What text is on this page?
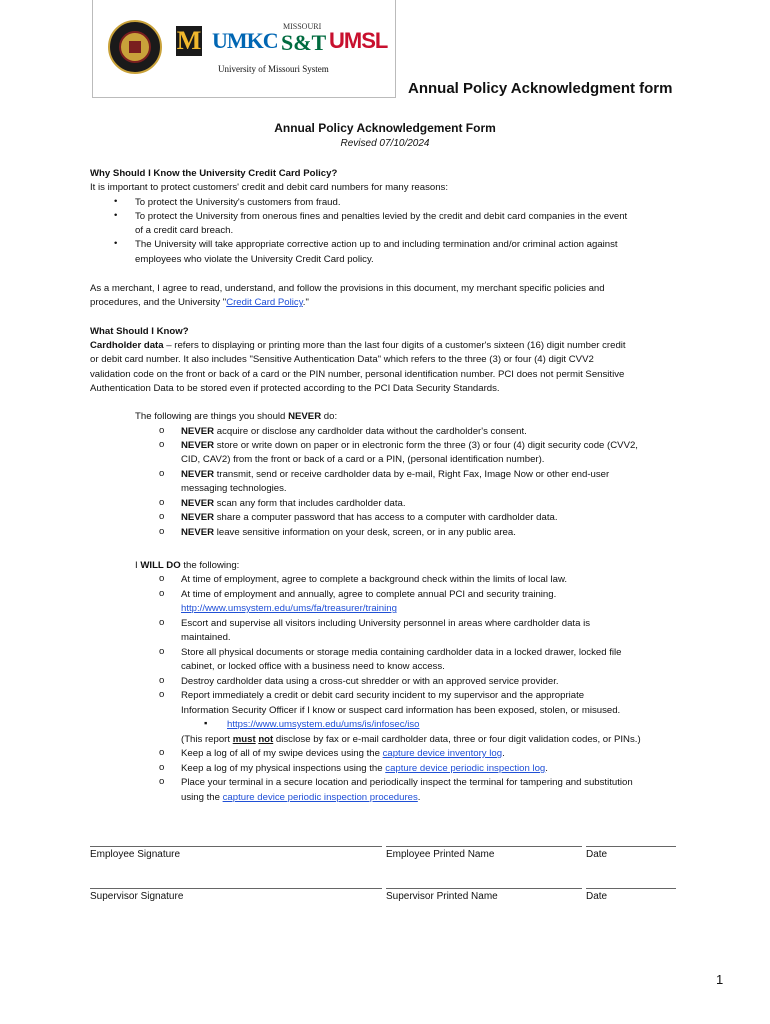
M UMKC
MISSOURI
S&T UMSL
University of Missouri System
Annual Policy Acknowledgment form
Annual Policy Acknowledgement Form
Revised 07/10/2024
Why Should I Know the University Credit Card Policy?
It is important to protect customers' credit and debit card numbers for many reasons:
• To protect the University's customers from fraud.
• To protect the University from onerous fines and penalties levied by the credit and debit card companies in the event
of a credit card breach.
• The University will take appropriate corrective action up to and including termination and/or criminal action against
employees who violate the University Credit Card policy.
As a merchant, I agree to read, understand, and follow the provisions in this document, my merchant specific policies and
procedures, and the University "Credit Card Policy."
What Should I Know?
Cardholder data – refers to displaying or printing more than the last four digits of a customer's sixteen (16) digit number credit
or debit card number. It also includes "Sensitive Authentication Data" which refers to the three (3) or four (4) digit CVV2
validation code on the front or back of a card or the PIN number, personal identification number. PCI does not permit Sensitive
Authentication Data to be stored even if protected according to the PCI Data Security Standards.
The following are things you should NEVER do:
o NEVER acquire or disclose any cardholder data without the cardholder's consent.
o NEVER store or write down on paper or in electronic form the three (3) or four (4) digit security code (CVV2,
CID, CAV2) from the front or back of a card or a PIN, (personal identification number).
o NEVER transmit, send or receive cardholder data by e-mail, Right Fax, Image Now or other end-user
messaging technologies.
o NEVER scan any form that includes cardholder data.
o NEVER share a computer password that has access to a computer with cardholder data.
o NEVER leave sensitive information on your desk, screen, or in any public area.
I WILL DO the following:
o At time of employment, agree to complete a background check within the limits of local law.
o At time of employment and annually, agree to complete annual PCI and security training.
http://www.umsystem.edu/ums/fa/treasurer/training
o Escort and supervise all visitors including University personnel in areas where cardholder data is
maintained.
o Store all physical documents or storage media containing cardholder data in a locked drawer, locked file
cabinet, or locked office with a business need to know access.
o Destroy cardholder data using a cross-cut shredder or with an approved service provider.
o Report immediately a credit or debit card security incident to my supervisor and the appropriate
Information Security Officer if I know or suspect card information has been exposed, stolen, or misused.
▪ https://www.umsystem.edu/ums/is/infosec/iso
(This report must not disclose by fax or e-mail cardholder data, three or four digit validation codes, or PINs.)
o Keep a log of all of my swipe devices using the capture device inventory log.
o Keep a log of my physical inspections using the capture device periodic inspection log.
o Place your terminal in a secure location and periodically inspect the terminal for tampering and substitution
using the capture device periodic inspection procedures.
Employee Signature	Employee Printed Name	Date
Supervisor Signature	Supervisor Printed Name	Date
1
